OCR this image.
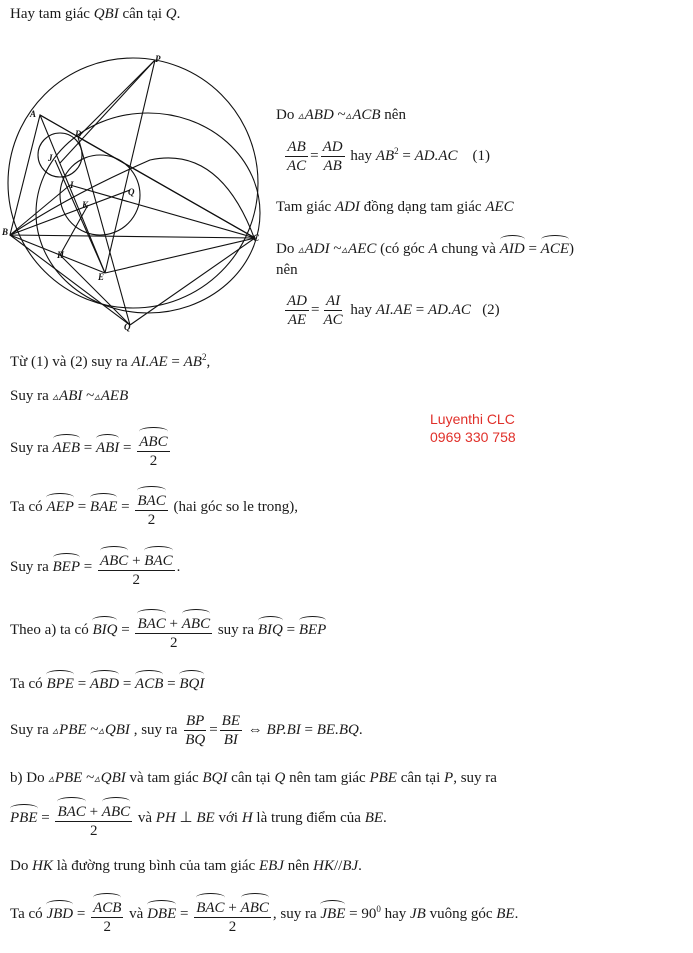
Hay tam giác QBI cân tại Q.
P
A
D
J
I
Q
K
B
C
H
E
Q
Do ▵ ABD ~ ▵ ACB nên
$\frac{AB}{AC} = \frac{AD}{AB}$ hay $AB^2 = AD.AC$ (1)
Tam giác ADI đồng dạng tam giác AEC
Do ▵ ADI ~ ▵ AEC (có góc A chung và AID = ACE)
nên
$\frac{AD}{AE} = \frac{AI}{AC}$ hay AI.AE = AD.AC (2)
Luyenthi CLC
0969 330 758
Từ (1) và (2) suy ra $AI.AE = AB^2$,
Suy ra ▵ ABI ~ ▵ AEB
Suy ra AEB = ABI = $\frac{\text{ABC}}{2}$
Ta có AEP = BAE = $\frac{\text{BAC}}{2} (hai$ góc so le trong),
Suy ra BEP = $\frac{\text{ABC + BAC}}{2}$ .
Theo a) ta có BIQ = $\frac{\text{BAC + ABC}}{2}$ suy ra BIQ = BEP
Ta có BPE = ABD = ACB = BQI
Suy ra ▵ PBE ~ ▵ QBI , suy ra $\frac{BP}{BQ} = \frac{BE}{BI}$ ⇔ BP.BI = BE.BQ.
b) Do ▵ PBE ~ ▵ QBI và tam giác BQI cân tại Q nên tam giác PBE cân tại P, suy ra
PBE = $\frac{\text{BAC + ABC}}{2}$ và PH ⊥ BE với H là trung điểm của BE.
Do HK là đường trung bình của tam giác EBJ nên HK//BJ.
Ta có JBD = $\frac{\text{ACB}}{2}$ và DBE = $\frac{\text{BAC + ABC}}{2}$ , suy ra JBE = $90^0$ hay JB vuông góc BE.
